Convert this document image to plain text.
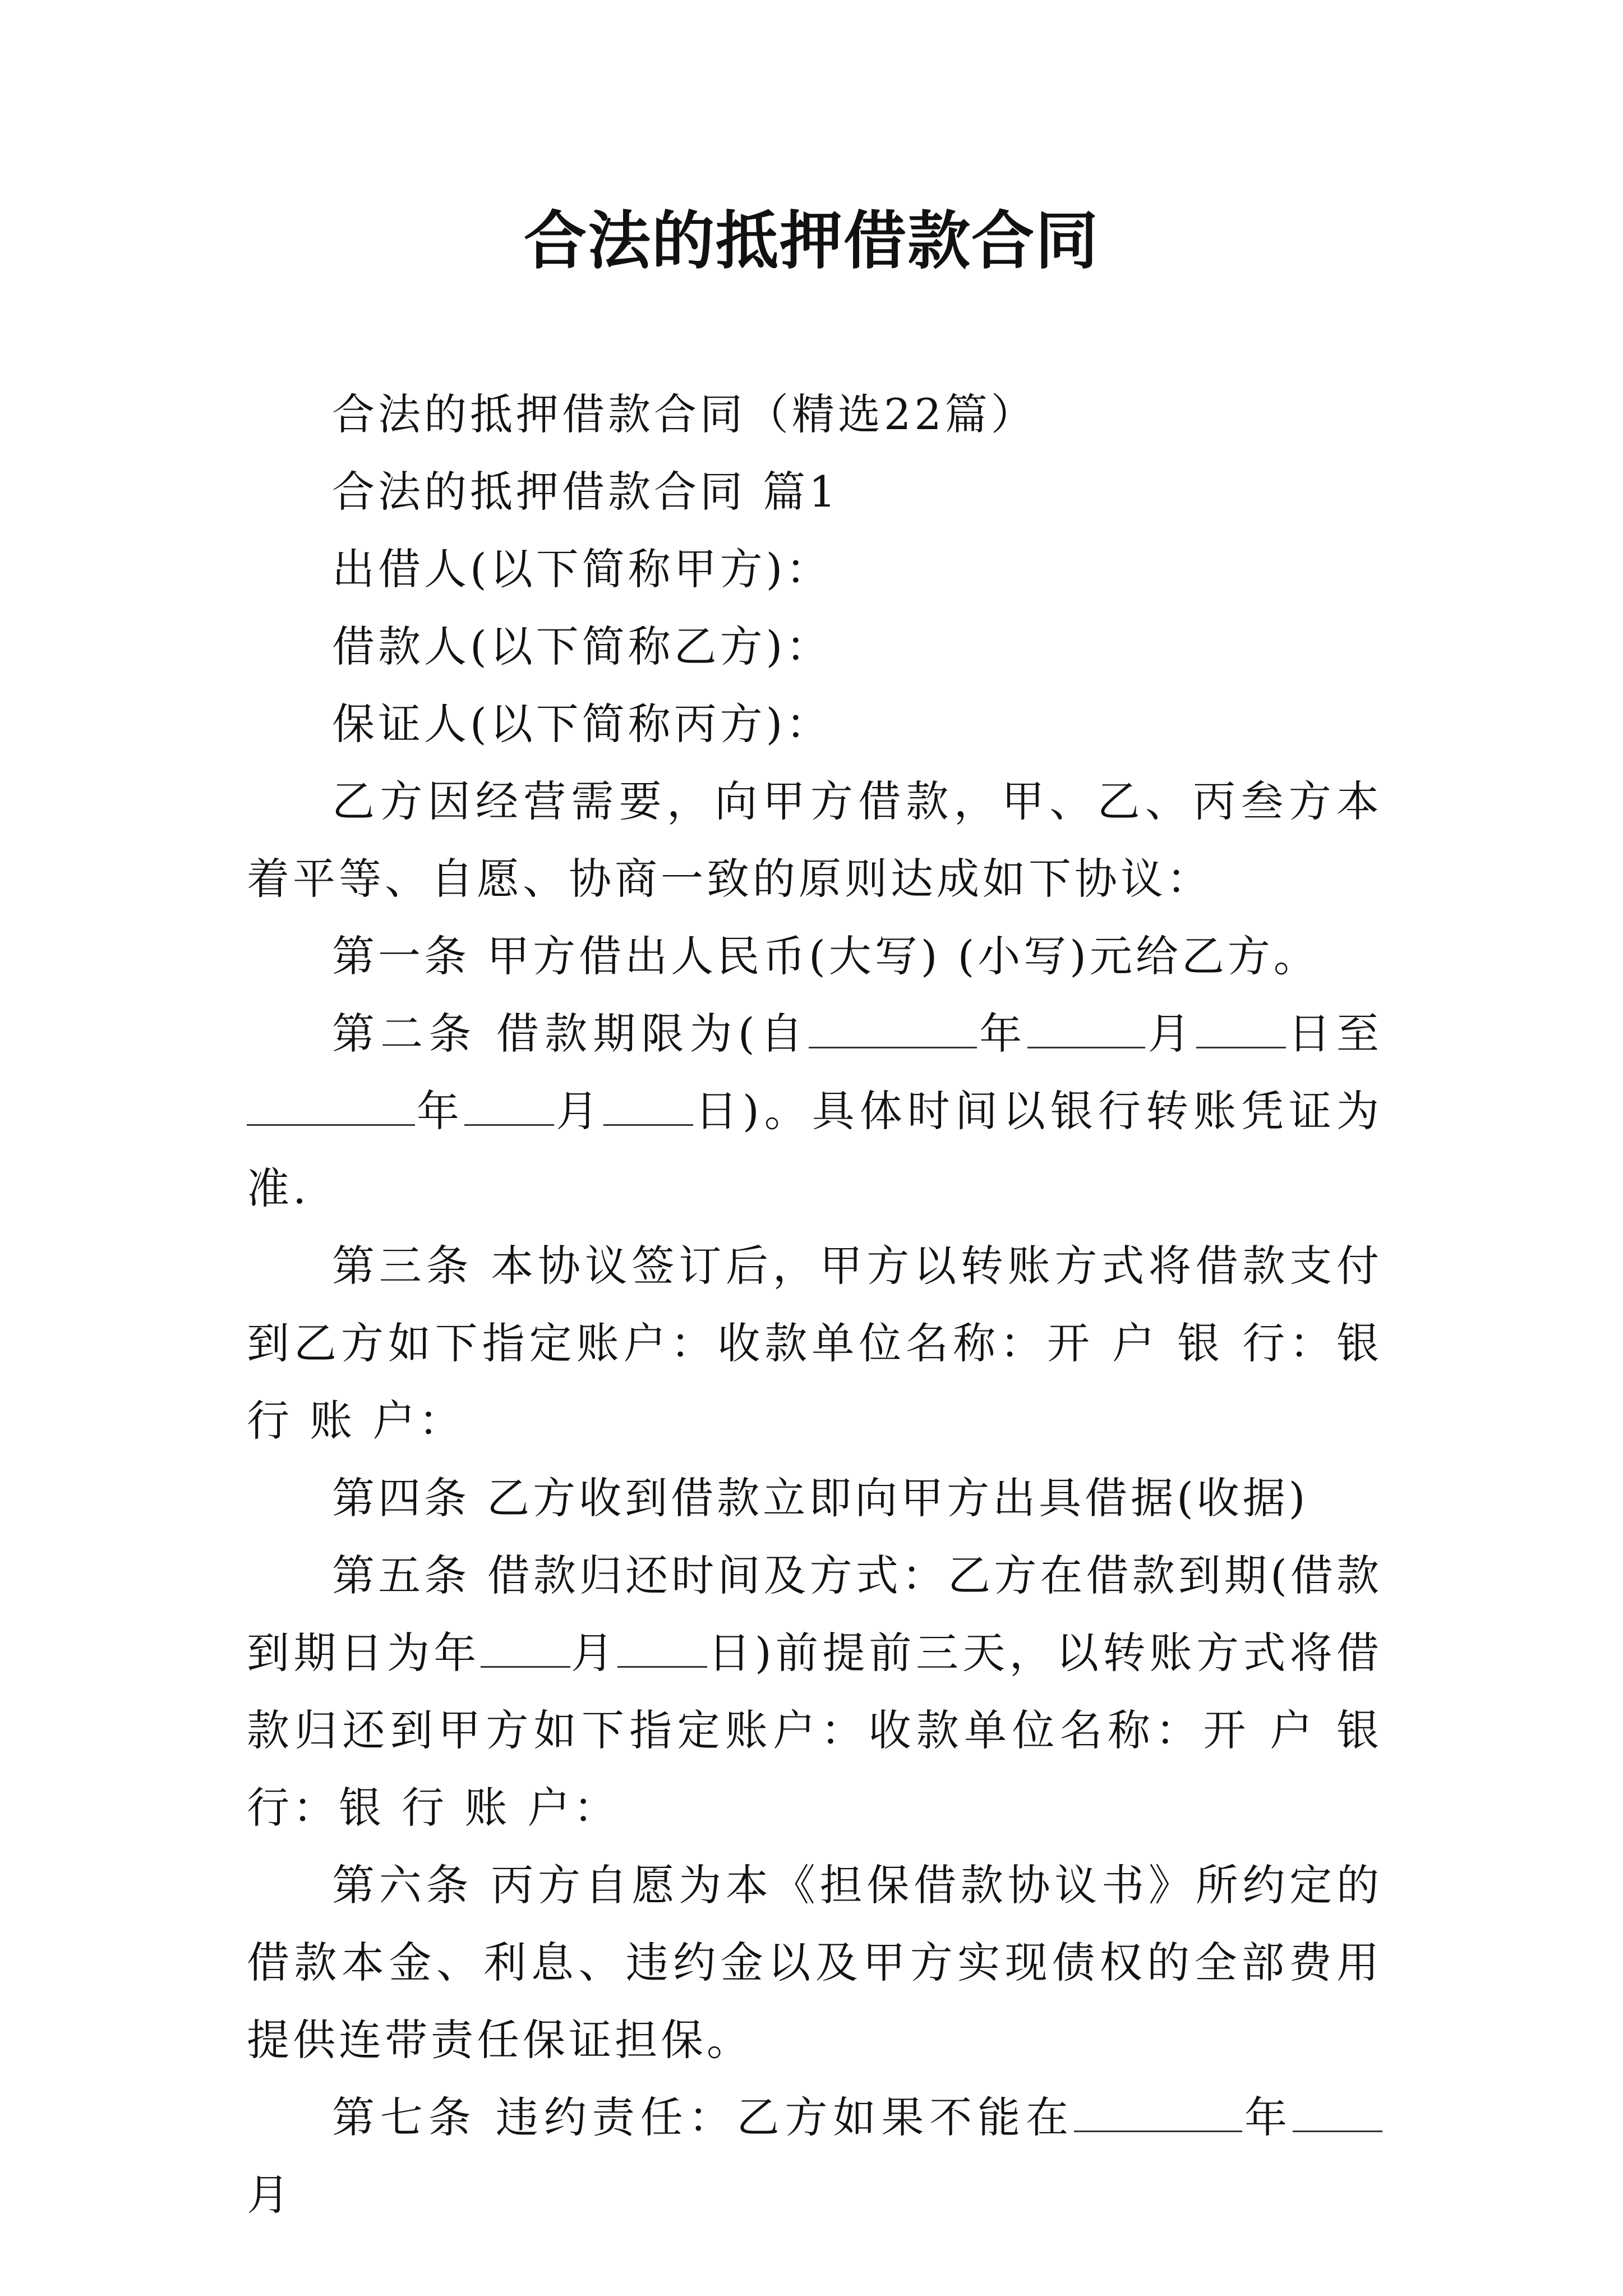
合法的抵押借款合同

合法的抵押借款合同（精选22篇）

合法的抵押借款合同 篇1

出借人(以下简称甲方)：

借款人(以下简称乙方)：

保证人(以下简称丙方)：

乙方因经营需要，向甲方借款，甲、乙、丙叁方本着平等、自愿、协商一致的原则达成如下协议：

第一条 甲方借出人民币(大写) (小写)元给乙方。

第二条 借款期限为(自	年	月 日至年 月 日)。具体时间以银行转账凭证为准.

第三条 本协议签订后，甲方以转账方式将借款支付到乙方如下指定账户：收款单位名称：开 户 银 行：银 行 账 户：

第四条 乙方收到借款立即向甲方出具借据(收据)

第五条 借款归还时间及方式：乙方在借款到期(借款到期日为年 月 日)前提前三天，以转账方式将借款归还到甲方如下指定账户：收款单位名称：开 户 银 行：银 行 账 户：

第六条 丙方自愿为本《担保借款协议书》所约定的借款本金、利息、违约金以及甲方实现债权的全部费用提供连带责任保证担保。

第七条 违约责任：乙方如果不能在	年月
